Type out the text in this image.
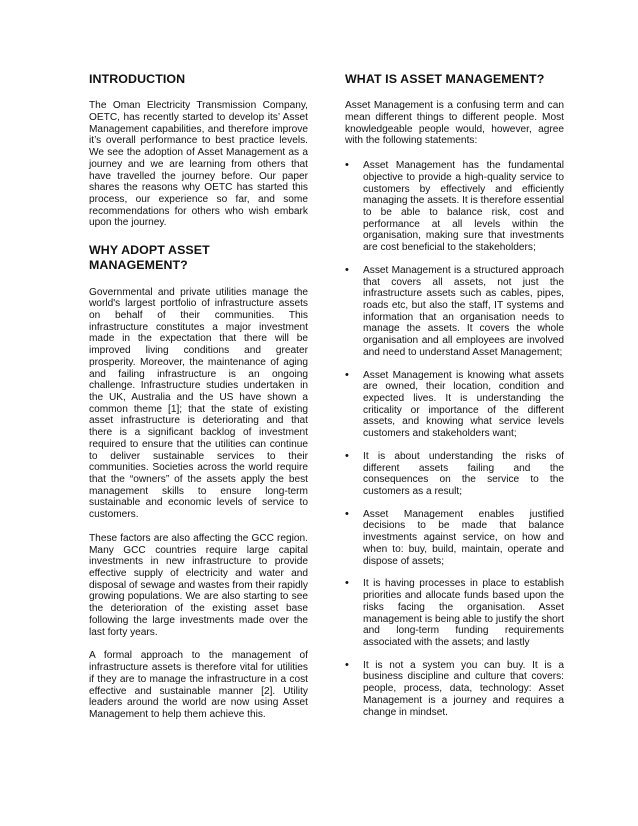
INTRODUCTION

The Oman Electricity Transmission Company, OETC, has recently started to develop its’ Asset Management capabilities, and therefore improve it’s overall performance to best practice levels. We see the adoption of Asset Management as a journey and we are learning from others that have travelled the journey before. Our paper shares the reasons why OETC has started this process, our experience so far, and some recommendations for others who wish embark upon the journey.

WHY ADOPT ASSET MANAGEMENT?

Governmental and private utilities manage the world's largest portfolio of infrastructure assets on behalf of their communities. This infrastructure constitutes a major investment made in the expectation that there will be improved living conditions and greater prosperity. Moreover, the maintenance of aging and failing infrastructure is an ongoing challenge. Infrastructure studies undertaken in the UK, Australia and the US have shown a common theme [1]; that the state of existing asset infrastructure is deteriorating and that there is a significant backlog of investment required to ensure that the utilities can continue to deliver sustainable services to their communities. Societies across the world require that the “owners” of the assets apply the best management skills to ensure long-term sustainable and economic levels of service to customers.

These factors are also affecting the GCC region. Many GCC countries require large capital investments in new infrastructure to provide effective supply of electricity and water and disposal of sewage and wastes from their rapidly growing populations. We are also starting to see the deterioration of the existing asset base following the large investments made over the last forty years.

A formal approach to the management of infrastructure assets is therefore vital for utilities if they are to manage the infrastructure in a cost effective and sustainable manner [2]. Utility leaders around the world are now using Asset Management to help them achieve this.

WHAT IS ASSET MANAGEMENT?

Asset Management is a confusing term and can mean different things to different people. Most knowledgeable people would, however, agree with the following statements:

•	Asset Management has the fundamental objective to provide a high-quality service to customers by effectively and efficiently managing the assets. It is therefore essential to be able to balance risk, cost and performance at all levels within the organisation, making sure that investments are cost beneficial to the stakeholders;
•	Asset Management is a structured approach that covers all assets, not just the infrastructure assets such as cables, pipes, roads etc, but also the staff, IT systems and information that an organisation needs to manage the assets. It covers the whole organisation and all employees are involved and need to understand Asset Management;
•	Asset Management is knowing what assets are owned, their location, condition and expected lives. It is understanding the criticality or importance of the different assets, and knowing what service levels customers and stakeholders want;
•	It is about understanding the risks of different assets failing and the consequences on the service to the customers as a result;
•	Asset Management enables justified decisions to be made that balance investments against service, on how and when to: buy, build, maintain, operate and dispose of assets;
•	It is having processes in place to establish priorities and allocate funds based upon the risks facing the organisation. Asset management is being able to justify the short and long-term funding requirements associated with the assets; and lastly
•	It is not a system you can buy. It is a business discipline and culture that covers: people, process, data, technology: Asset Management is a journey and requires a change in mindset.
